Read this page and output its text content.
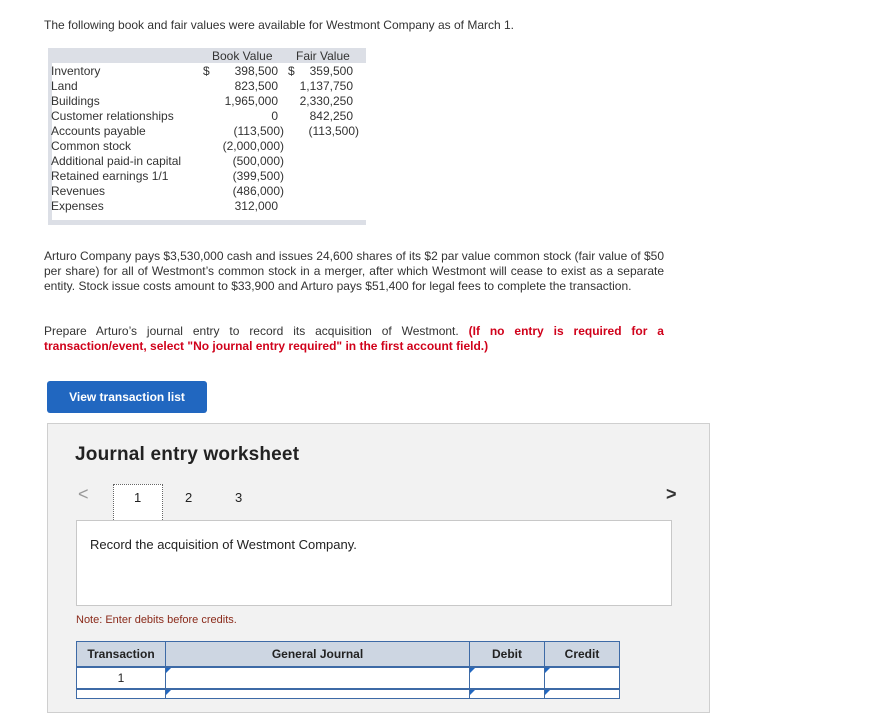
The following book and fair values were available for Westmont Company as of March 1.
Book Value Fair Value
Inventory	$ 398,500 $ 359,500
Land	823,500 1,137,750
Buildings	1,965,000 2,330,250
Customer relationships	0	842,250
Accounts payable	(113,500) (113,500)
Common stock	(2,000,000)
Additional paid-in capital	(500,000)
Retained earnings 1/1	(399,500)
Revenues	(486,000)
Expenses	312,000
Arturo Company pays $3,530,000 cash and issues 24,600 shares of its $2 par value common stock (fair value of $50 per share) for all of Westmont’s common stock in a merger, after which Westmont will cease to exist as a separate entity. Stock issue costs amount to $33,900 and Arturo pays $51,400 for legal fees to complete the transaction.
Prepare Arturo’s journal entry to record its acquisition of Westmont. (If no entry is required for a transaction/event, select "No journal entry required" in the first account field.)
View transaction list
Journal entry worksheet
<	1	2	3	>
Record the acquisition of Westmont Company.
Note: Enter debits before credits.
Transaction	General Journal	Debit	Credit
1
